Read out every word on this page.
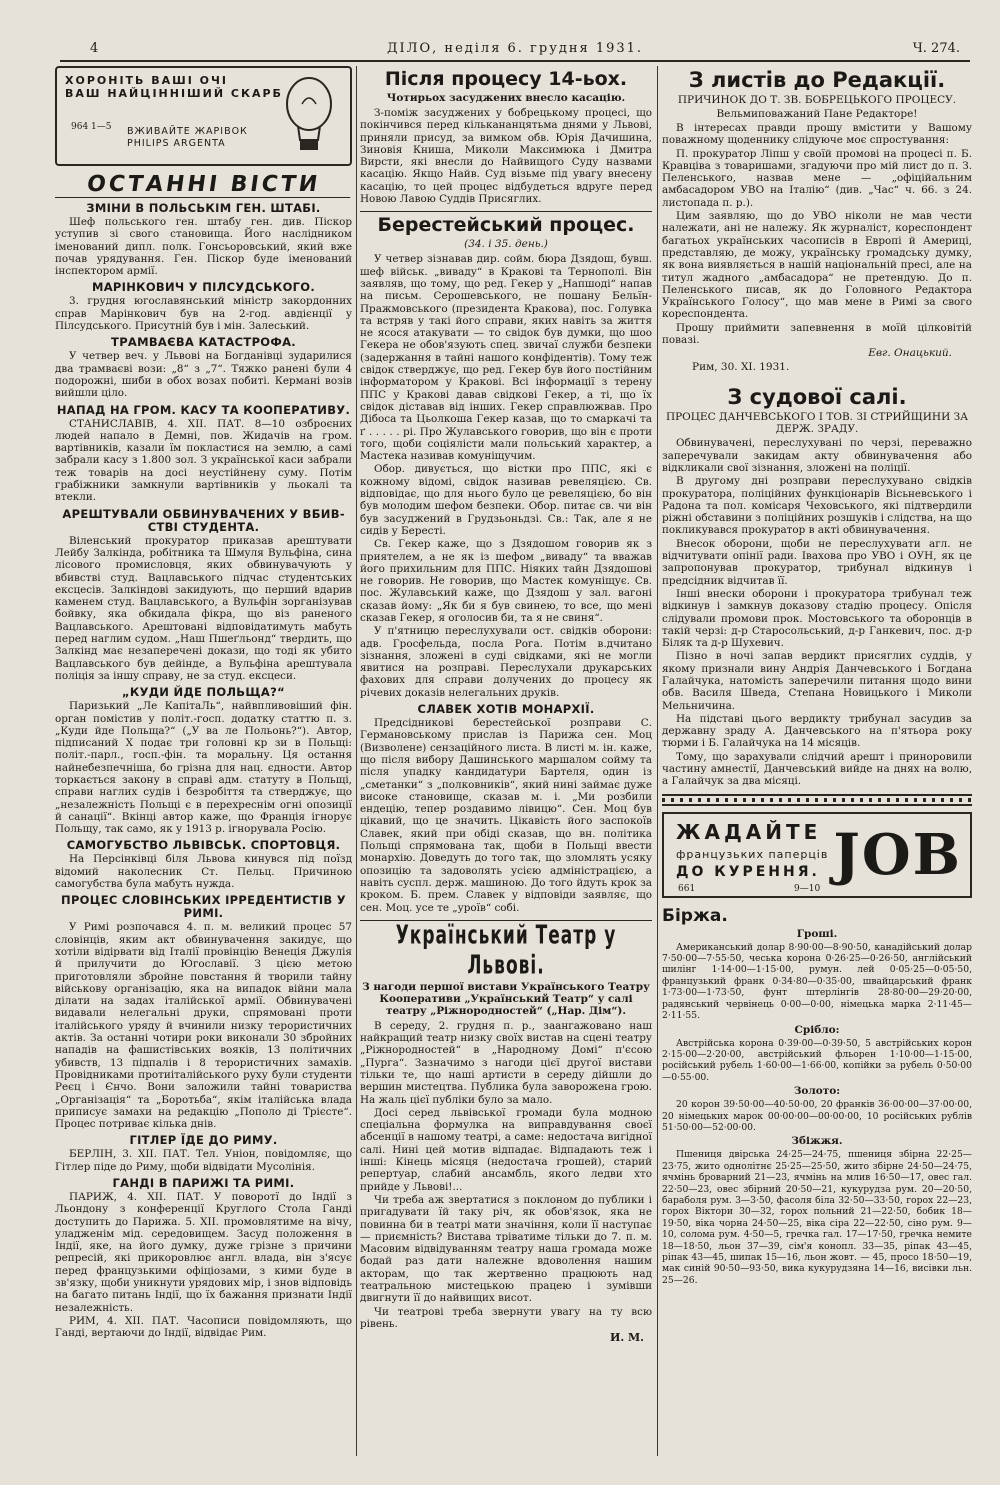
4	ДІЛО, неділя 6. грудня 1931.	Ч. 274.
ХОРОНІТЬ ВАШІ ОЧІ
ВАШ НАЙЦІННІШИЙ СКАРБ
964 1—5 ВЖИВАЙТЕ ЖАРІВОК
PHILIPS ARGENTA
ОСТАННІ ВІСТИ
ЗМІНИ В ПОЛЬСЬКІМ ГЕН. ШТАБІ.

Шеф польського ген. штабу ген. див. Піскор уступив зі свого становища. Його наслідником іменований дипл. полк. Гонсьоровський, який вже почав урядування. Ген. Піскор буде іменований інспектором армії.

МАРІНКОВИЧ У ПІЛСУДСЬКОГО.

3. грудня югославянський міністр закордонних справ Марінкович був на 2-год. авдієнції у Пілсудського. Присутній був і мін. Залеський.

ТРАМВАЄВА КАТАСТРОФА.

У четвер веч. у Львові на Богданівці зударилися два трамваєві вози: „8“ з „7“. Тяжко ранені були 4 подорожні, шиби в обох возах побиті. Кермані возів вийшли ціло.

НАПАД НА ГРОМ. КАСУ ТА КООПЕРАТИВУ.

СТАНИСЛАВІВ, 4. XII. ПАТ. 8—10 озброєних людей напало в Демні, пов. Жидачів на гром. вартівників, казали їм покластися на землю, а самі забрали касу з 1.800 зол. З української каси забрали теж товарів на досі неустійнену суму. Потім грабіжники замкнули вартівників у льокалі та втекли.

АРЕШТУВАЛИ ОБВИНУВАЧЕНИХ У ВБИВСТВІ СТУДЕНТА.

Віленський прокуратор приказав арештувати Лейбу Залкінда, робітника та Шмуля Вульфіна, сина лісового промисловця, яких обвинувачують у вбивстві студ. Вацлавського підчас студентських ексцесів. Залкіндові закидують, що перший вдарив каменем студ. Вацлавського, а Вульфін зорганізував бойвку, яка обкидала фікра, що віз раненого Вацлавського. Арештовані відповідатимуть мабуть перед наглим судом. „Наш Пшеґльонд“ твердить, що Залкінд має незаперечені докази, що тоді як убито Вацлавського був дейінде, а Вульфіна арештувала поліція за іншу справу, не за студ. ексцеси.

„КУДИ ЙДЕ ПОЛЬЩА?“

Паризький „Ле КапітаЛь“, найвпливовіший фін. орган помістив у політ.-госп. додатку статтю п. з. „Куди йде Польща?“ („У ва ле Польонь?“). Автор, підписаний Х подає три головні кр зи в Польщі: політ.-парл., госп.-фін. та моральну. Ця остання найнебезпечніша, бо грізна для нац. єдности. Автор торкається закону в справі адм. статуту в Польщі, справи наглих судів і безробіття та стверджує, що „незалежність Польщі є в перехреснім огні опозиції й санації“. Вкінці автор каже, що Франція ігнорує Польщу, так само, як у 1913 р. ігнорувала Росію.

САМОГУБСТВО ЛЬВІВСЬК. СПОРТОВЦЯ.

На Персінківці біля Львова кинувся під поїзд відомий наколесник Ст. Пельц. Причиною самогубства була мабуть нужда.

ПРОЦЕС СЛОВІНСЬКИХ ІРРЕДЕНТИСТІВ У РИМІ.

У Римі розпочався 4. п. м. великий процес 57 словінців, яким акт обвинувачення закидує, що хотіли відірвати від Італії провінцію Венеція Джулія й прилучити до Югославії. З цією метою приготовляли збройне повстання й творили тайну військову організацію, яка на випадок війни мала ділати на задах італійської армії. Обвинувачені видавали нелегальні друки, спрямовані проти італійського уряду й вчинили низку терористичних актів. За останні чотири роки виконали 30 збройних нападів на фашистівських вояків, 13 політичних убивств, 13 підпалів і 8 терористичних замахів. Провідниками протиіталійського руху були студенти Реєц і Єнчо. Вони заложили тайні товариства „Організація“ та „Боротьба“, якім італійська влада приписує замахи на редакцію „Пополо ді Трієсте“. Процес потриває кілька днів.

ГІТЛЕР ЇДЕ ДО РИМУ.

БЕРЛІН, 3. XII. ПАТ. Тел. Уніон, повідомляє, що Гітлер піде до Риму, щоби відвідати Мусолінія.

ГАНДІ В ПАРИЖІ ТА РИМІ.

ПАРИЖ, 4. XII. ПАТ. У поворотї до Індії з Льондону з конференції Круглого Стола Ганді доступить до Парижа. 5. XII. промовлятиме на вічу, уладженім мід. середовищем. Засуд положення в Індії, яке, на його думку, дуже грізне з причини репресій, які прикоровлює англ. влада, він з'ясує перед французькими офіціозами, з кими буде в зв'язку, щоби уникнути урядових мір, і знов відповідь на багато питань Індії, що їх бажання признати Індії незалежність.

РИМ, 4. XII. ПАТ. Часописи повідомляють, що Ганді, вертаючи до Індії, відвідає Рим.

Після процесу 14-ьох.
Чотирьох засуджених внесло касацію.

З-поміж засуджених у бобрецькому процесі, що покінчився перед кількананцятьма днями у Львові, приняли присуд, за вимком обв. Юрія Дачишина, Зиновія Книша, Миколи Максимюка і Дмитра Вирсти, які внесли до Найвищого Суду назвами касацію. Якщо Найв. Суд візьме під увагу внесену касацію, то цей процес відбудеться вдруге перед Новою Лавою Суддів Присяглих.

Берестейський процес.
(34. і 35. день.)

У четвер зізнавав дир. сойм. бюра Дзядош, бувш. шеф військ. „виваду“ в Кракові та Тернополі. Він заявляв, що тому, що ред. Гекер у „Напшоді“ напав на письм. Серошевського, не пошану Бельїн-Пражмовського (президента Кракова), пос. Голувка та встряв у такі його справи, яких навіть за життя не ясося атакувати — то свідок був думки, що шоо Гекера не обов'язують спец. звичаї служби безпеки (задержання в тайні нашого конфідентів). Тому теж свідок стверджує, що ред. Гекер був його постійним інформатором у Кракові. Всі інформації з терену ППС у Кракові давав свідкові Гекер, а ті, що їх свідок діставав від інших. Гекер справлюжвав. Про Дібоса та Цьолкоша Гекер казав, що то смаркачі та ґ . . . . . рі. Про Жулавського говорив, що він є проти того, щоби соціялісти мали польський характер, а Мастека називав комуніщучим.

Обор. дивується, що вістки про ППС, які є кожному відомі, свідок називав ревеляцією. Св. відповідає, що для нього було це ревеляцією, бо він був молодим шефом безпеки. Обор. питає св. чи він був засуджений в Грудзьоньдзі. Св.: Так, але я не сидів у Бересті.

Св. Гекер каже, що з Дзядошом говорив як з приятелем, а не як із шефом „виваду“ та вважав його прихильним для ППС. Ніяких тайн Дзядошові не говорив. Не говорив, що Мастек комуніщує. Св. пос. Жулавський каже, що Дзядош у зал. вагоні сказав йому: „Як би я був свинею, то все, що мені сказав Гекер, я оголосив би, та я не свиня“.

У п'ятницю переслухували ост. свідків оборони: адв. Гросфельда, посла Рога. Потім в.дчитано зізнання, зложені в суді свідками, які не могли явитися на розправі. Переслухали друкарських фахових для справи долучених до процесу як річевих доказів нелегальних друків.

СЛАВЕК ХОТІВ МОНАРХІЇ.

Предсідникові берестейської розправи С. Германовському прислав із Парижа сен. Моц (Визволене) сензаційного листа. В листі м. ін. каже, що після вибору Дашинського маршалом сойму та після упадку кандидатури Бартеля, один із „сметанки“ з „полковників“, який нині займає дуже високе становище, сказав м. і. „Ми розбили ендецію, тепер роздавимо лівицю“. Сен. Моц був цікавий, що це значить. Цікавість його заспокоїв Славек, який при обіді сказав, що вн. політика Польщі спрямована так, щоби в Польщі ввести монархію. Доведуть до того так, що зломлять усяку опозицію та задоволять усією адміністрацією, а навіть суспл. держ. машиною. До того йдуть крок за кроком. Б. прем. Славек у відповіди заявляє, що сен. Моц. усе те „уроїв“ собі.

Український Театр у Львові.
З нагоди першої вистави Українського Театру Кооперативи „Український Театр“ у салі театру „Ріжнородностей“ („Нар. Дім“).

В середу, 2. грудня п. р., заангажовано наш найкращий театр низку своїх вистав на сцені театру „Ріжнородностей“ в „Народному Домі“ п'єсою „Пурга“. Зазначимо з нагоди цієї другої вистави тільки те, що наші артисти в середу дійшли до вершин мистецтва. Публика була заворожена грою. На жаль цієї публіки було за мало.

Досі серед львівської громади була модною спеціальна формулка на виправдування своєї абсенції в нашому театрі, а саме: недостача вигідної салі. Нині цей мотив відпадає. Відпадають теж і інші: Кінець місяця (недостача грошей), старий репертуар, слабий ансамбль, якого ледви хто прийде у Львові!...

Чи треба аж звертатися з поклоном до публики і пригадувати їй таку річ, як обов'язок, яка не повинна би в театрі мати значіння, коли її наступає — приємність? Вистава тріватиме тільки до 7. п. м. Масовим відвідуванням театру наша громада може бодай раз дати належне вдоволення нашим акторам, що так жертвенно працюють над театральною мистецькою працею і зумівши двигнути її до найвищих висот.

Чи театрові треба звернути увагу на ту всю рівень.

И. М.
З листів до Редакції.
ПРИЧИНОК ДО Т. ЗВ. БОБРЕЦЬКОГО ПРОЦЕСУ.
Вельмиповажаний Пане Редакторе!

В інтересах правди прошу вмістити у Вашому поважному щоденнику слідуюче моє спростування:

П. прокуратор Ліпш у своїй промові на процесі п. Б. Кравціва з товаришами, згадуючи про мій лист до п. З. Пеленського, назвав мене — „офіційальним амбасадором УВО на Італію“ (див. „Час“ ч. 66. з 24. листопада п. р.).

Цим заявляю, що до УВО ніколи не мав чести належати, ані не належу. Як журналіст, кореспондент багатьох українських часописів в Европі й Америці, представляю, де можу, українську громадську думку, як вона виявляється в нашій національній пресі, але на титул жадного „амбасадора“ не претендую. До п. Пеленського писав, як до Головного Редактора Українського Голосу“, що мав мене в Римі за свого кореспондента.

Прошу приймити запевнення в моїй цілковітій повазі.

Евг. Онацький.
Рим, 30. XI. 1931.
З судової салі.
ПРОЦЕС ДАНЧЕВСЬКОГО І ТОВ. ЗІ СТРИЙЩИНИ ЗА ДЕРЖ. ЗРАДУ.

Обвинувачені, переслухувані по черзі, переважно заперечували закидам акту обвинувачення або відкликали свої зізнання, зложені на поліції.

В другому дні розправи переслухувано свідків прокуратора, поліційних функціонарів Вісьневського і Радона та пол. комісаря Чеховського, які підтвердили ріжні обставини з поліційних розшуків і слідства, на що покликувався прокуратор в акті обвинувачення.

Внесок оборони, щоби не переслухувати агл. не відчитувати опінії ради. Івахова про УВО і ОУН, як це запропонував прокуратор, трибунал відкинув і предсідник відчитав її.

Інші внески оборони і прокуратора трибунал теж відкинув і замкнув доказову стадію процесу. Опісля слідували промови прок. Мостовського та оборонців в такій черзі: д-р Старосольський, д-р Ганкевич, пос. д-р Біляк та д-р Шухевич.

Пізно в ночі запав вердикт присяглих суддів, у якому признали вину Андрія Данчевського і Богдана Галайчука, натомість заперечили питання щодо вини обв. Василя Шведа, Степана Новицького і Миколи Мельничина.

На підставі цього вердикту трибунал засудив за державну зраду А. Данчевського на п'ятьора року тюрми і Б. Галайчука на 14 місяців.

Тому, що зарахували слідчий арешт і приноровили частину амнестії, Данчевський вийде на днях на волю, а Галайчук за два місяці.

ЖАДАЙТЕ
французьких паперців
ДО КУРЕННЯ.
661	9—10
JOB
Біржа.
Гроші.

Американський долар 8·90·00—8·90·50, канадійський долар 7·50·00—7·55·50, чеська корона 0·26·25—0·26·50, англійський шилінг 1·14·00—1·15·00, румун. лей 0·05·25—0·05·50, французький франк 0·34·80—0·35·00, швайцарський франк 1·73·00—1·73·50, фунт штерлінгів 28·80·00—29·20·00, радянський червінець 0·00—0·00, німецька марка 2·11·45—2·11·55.

Срібло:

Австрійська корона 0·39·00—0·39·50, 5 австрійських корон 2·15·00—2·20·00, австрійський фльорен 1·10·00—1·15·00, російський рубель 1·60·00—1·66·00, копійки за рубель 0·50·00—0·55·00.

Золото:

20 корон 39·50·00—40·50·00, 20 франків 36·00·00—37·00·00, 20 німецьких марок 00·00·00—00·00·00, 10 російських рублів 51·50·00—52·00·00.

Збіжжя.

Пшениця двірська 24·25—24·75, пшениця збірна 22·25—23·75, жито однолітнє 25·25—25·50, жито збірне 24·50—24·75, ячмінь броварний 21—23, ячмінь на млив 16·50—17, овес гал. 22·50—23, овес збірний 20·50—21, кукурудза рум. 20—20·50, бараболя рум. 3—3·50, фасоля біла 32·50—33·50, горох 22—23, горох Віктори 30—32, горох польний 21—22·50, бобик 18—19·50, віка чорна 24·50—25, віка сіра 22—22·50, сіно рум. 9—10, солома рум. 4·50—5, гречка гал. 17—17·50, гречка немите 18—18·50, льон 37—39, сім'я конопл. 33—35, ріпак 43—45, ріпак 43—45, шипак 15—16, льон жовт. — 45, просо 18·50—19, мак синій 90·50—93·50, вика кукурудзяна 14—16, висівки льн. 25—26.
